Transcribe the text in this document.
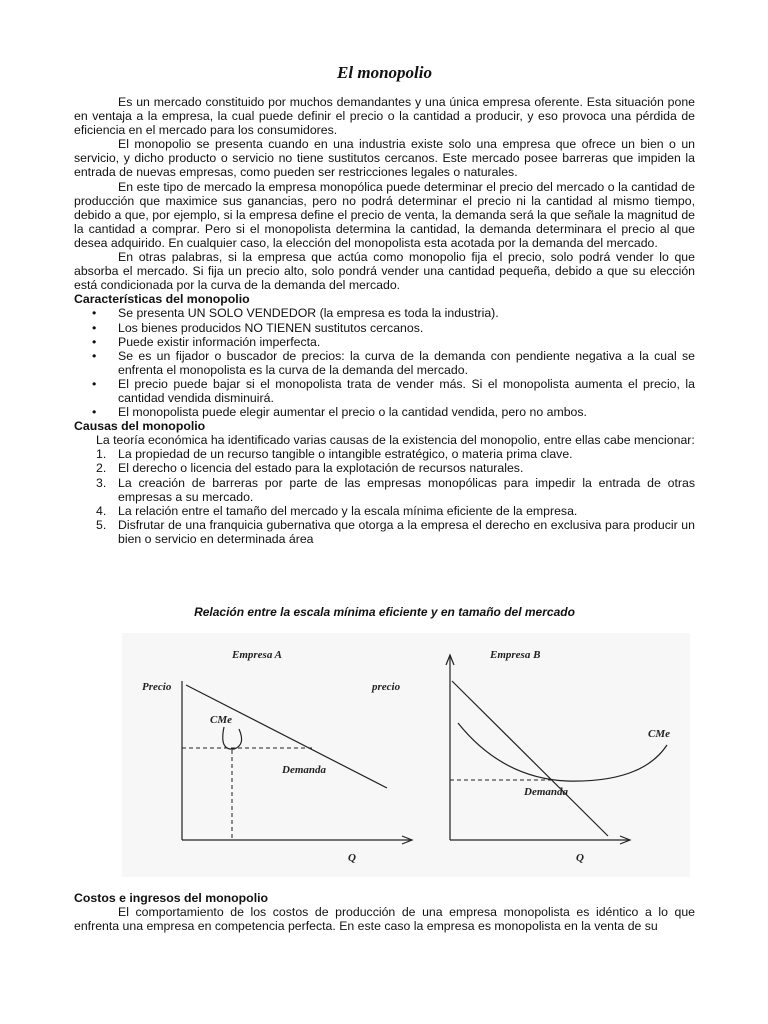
El monopolio

Es un mercado constituido por muchos demandantes y una única empresa oferente. Esta situación pone en ventaja a la empresa, la cual puede definir el precio o la cantidad a producir, y eso provoca una pérdida de eficiencia en el mercado para los consumidores.

El monopolio se presenta cuando en una industria existe solo una empresa que ofrece un bien o un servicio, y dicho producto o servicio no tiene sustitutos cercanos. Este mercado posee barreras que impiden la entrada de nuevas empresas, como pueden ser restricciones legales o naturales.

En este tipo de mercado la empresa monopólica puede determinar el precio del mercado o la cantidad de producción que maximice sus ganancias, pero no podrá determinar el precio ni la cantidad al mismo tiempo, debido a que, por ejemplo, si la empresa define el precio de venta, la demanda será la que señale la magnitud de la cantidad a comprar. Pero si el monopolista determina la cantidad, la demanda determinara el precio al que desea adquirido. En cualquier caso, la elección del monopolista esta acotada por la demanda del mercado.

En otras palabras, si la empresa que actúa como monopolio fija el precio, solo podrá vender lo que absorba el mercado. Si fija un precio alto, solo pondrá vender una cantidad pequeña, debido a que su elección está condicionada por la curva de la demanda del mercado.

Características del monopolio
• Se presenta UN SOLO VENDEDOR (la empresa es toda la industria).
• Los bienes producidos NO TIENEN sustitutos cercanos.
• Puede existir información imperfecta.
• Se es un fijador o buscador de precios: la curva de la demanda con pendiente negativa a la cual se enfrenta el monopolista es la curva de la demanda del mercado.
• El precio puede bajar si el monopolista trata de vender más. Si el monopolista aumenta el precio, la cantidad vendida disminuirá.
• El monopolista puede elegir aumentar el precio o la cantidad vendida, pero no ambos.
Causas del monopolio

La teoría económica ha identificado varias causas de la existencia del monopolio, entre ellas cabe mencionar:

1. La propiedad de un recurso tangible o intangible estratégico, o materia prima clave.
2. El derecho o licencia del estado para la explotación de recursos naturales.
3. La creación de barreras por parte de las empresas monopólicas para impedir la entrada de otras empresas a su mercado.
4. La relación entre el tamaño del mercado y la escala mínima eficiente de la empresa.
5. Disfrutar de una franquicia gubernativa que otorga a la empresa el derecho en exclusiva para producir un bien o servicio en determinada área
Relación entre la escala mínima eficiente y en tamaño del mercado
Empresa A
Precio
CMe
Demanda
Q
Empresa B
precio
CMe
Demanda
Q
Costos e ingresos del monopolio

El comportamiento de los costos de producción de una empresa monopolista es idéntico a lo que enfrenta una empresa en competencia perfecta. En este caso la empresa es monopolista en la venta de su
